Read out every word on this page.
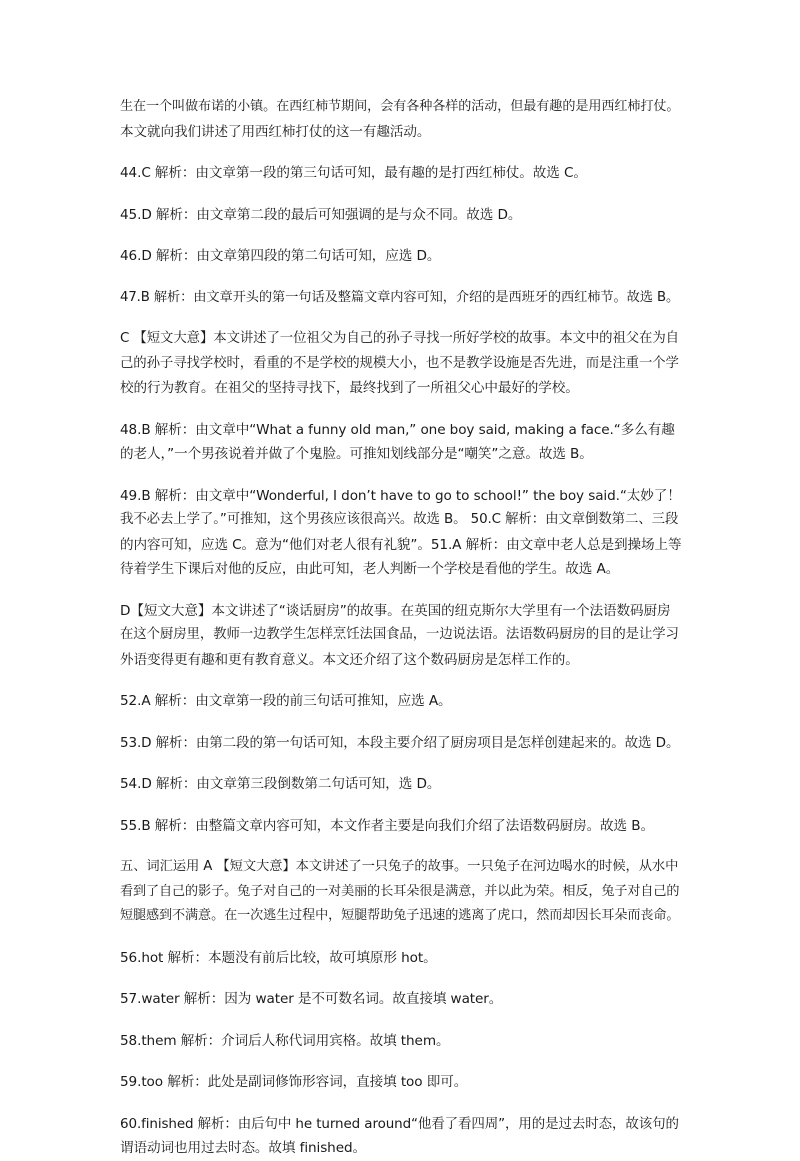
生在一个叫做布诺的小镇。在西红柿节期间，会有各种各样的活动，但最有趣的是用西红柿打仗。
本文就向我们讲述了用西红柿打仗的这一有趣活动。

44.C 解析：由文章第一段的第三句话可知，最有趣的是打西红柿仗。故选 C。

45.D 解析：由文章第二段的最后可知强调的是与众不同。故选 D。

46.D 解析：由文章第四段的第二句话可知，应选 D。

47.B 解析：由文章开头的第一句话及整篇文章内容可知，介绍的是西班牙的西红柿节。故选 B。

C 【短文大意】本文讲述了一位祖父为自己的孙子寻找一所好学校的故事。本文中的祖父在为自
己的孙子寻找学校时，看重的不是学校的规模大小，也不是教学设施是否先进，而是注重一个学
校的行为教育。在祖父的坚持寻找下，最终找到了一所祖父心中最好的学校。

48.B 解析：由文章中“What a funny old man,” one boy said, making a face.“多么有趣
的老人，”一个男孩说着并做了个鬼脸。可推知划线部分是“嘲笑”之意。故选 B。

49.B 解析：由文章中“Wonderful, I don’t have to go to school!” the boy said.“太妙了！
我不必去上学了。”可推知，这个男孩应该很高兴。故选 B。 50.C 解析：由文章倒数第二、三段
的内容可知，应选 C。意为“他们对老人很有礼貌”。51.A 解析：由文章中老人总是到操场上等
待着学生下课后对他的反应，由此可知，老人判断一个学校是看他的学生。故选 A。

D【短文大意】本文讲述了“谈话厨房”的故事。在英国的纽克斯尔大学里有一个法语数码厨房
在这个厨房里，教师一边教学生怎样烹饪法国食品，一边说法语。法语数码厨房的目的是让学习
外语变得更有趣和更有教育意义。本文还介绍了这个数码厨房是怎样工作的。

52.A 解析：由文章第一段的前三句话可推知，应选 A。

53.D 解析：由第二段的第一句话可知，本段主要介绍了厨房项目是怎样创建起来的。故选 D。

54.D 解析：由文章第三段倒数第二句话可知，选 D。

55.B 解析：由整篇文章内容可知，本文作者主要是向我们介绍了法语数码厨房。故选 B。

五、词汇运用 A 【短文大意】本文讲述了一只兔子的故事。一只兔子在河边喝水的时候，从水中
看到了自己的影子。兔子对自己的一对美丽的长耳朵很是满意，并以此为荣。相反，兔子对自己的
短腿感到不满意。在一次逃生过程中，短腿帮助兔子迅速的逃离了虎口，然而却因长耳朵而丧命。

56.hot 解析：本题没有前后比较，故可填原形 hot。

57.water 解析：因为 water 是不可数名词。故直接填 water。

58.them 解析：介词后人称代词用宾格。故填 them。

59.too 解析：此处是副词修饰形容词，直接填 too 即可。

60.finished 解析：由后句中 he turned around“他看了看四周”，用的是过去时态，故该句的
谓语动词也用过去时态。故填 finished。
